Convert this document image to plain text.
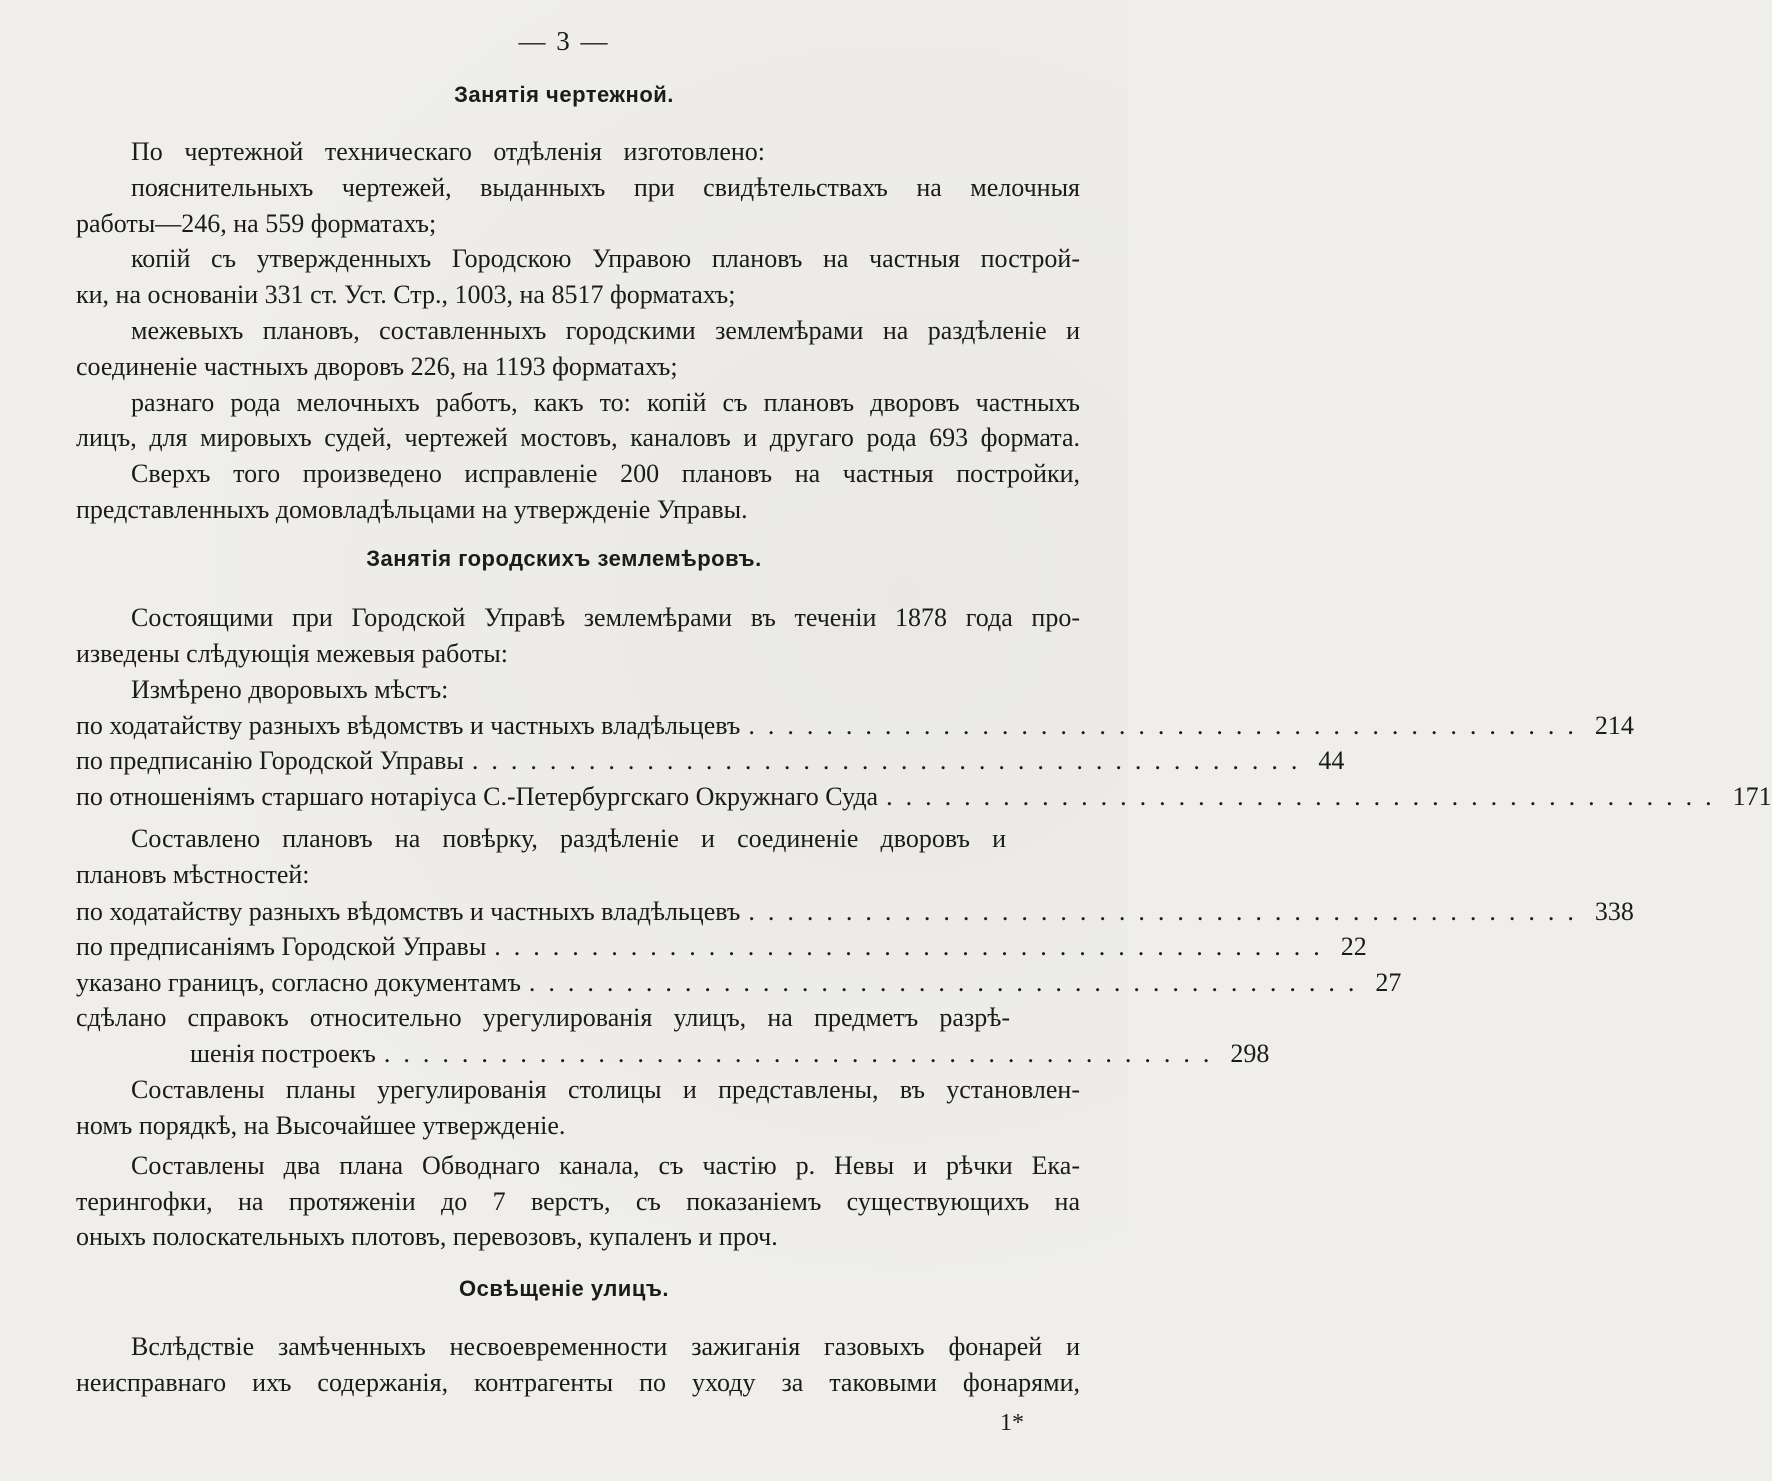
— 3 —
Занятія чертежной.
По чертежной техническаго отдѣленія изготовлено:
пояснительныхъ чертежей, выданныхъ при свидѣтельствахъ на мелочныя
работы—246, на 559 форматахъ;
копій съ утвержденныхъ Городскою Управою плановъ на частныя построй-
ки, на основаніи 331 ст. Уст. Стр., 1003, на 8517 форматахъ;
межевыхъ плановъ, составленныхъ городскими землемѣрами на раздѣленіе и
соединеніе частныхъ дворовъ 226, на 1193 форматахъ;
разнаго рода мелочныхъ работъ, какъ то: копій съ плановъ дворовъ частныхъ
лицъ, для мировыхъ судей, чертежей мостовъ, каналовъ и другаго рода 693 формата.
Сверхъ того произведено исправленіе 200 плановъ на частныя постройки,
представленныхъ домовладѣльцами на утвержденіе Управы.
Занятія городскихъ землемѣровъ.
Состоящими при Городской Управѣ землемѣрами въ теченіи 1878 года про-
изведены слѣдующія межевыя работы:
Измѣрено дворовыхъ мѣстъ:
по ходатайству разныхъ вѣдомствъ и частныхъ владѣльцевъ ........................................... 214
по предписанію Городской Управы ........................................... 44
по отношеніямъ старшаго нотаріуса С.-Петербургскаго Окружнаго Суда ........................................... 171
Составлено плановъ на повѣрку, раздѣленіе и соединеніе дворовъ и
плановъ мѣстностей:
по ходатайству разныхъ вѣдомствъ и частныхъ владѣльцевъ ........................................... 338
по предписаніямъ Городской Управы ........................................... 22
указано границъ, согласно документамъ ........................................... 27
сдѣлано справокъ относительно урегулированія улицъ, на предметъ разрѣ-
шенія построекъ ........................................... 298
Составлены планы урегулированія столицы и представлены, въ установлен-
номъ порядкѣ, на Высочайшее утвержденіе.
Составлены два плана Обводнаго канала, съ частію р. Невы и рѣчки Ека-
терингофки, на протяженіи до 7 верстъ, съ показаніемъ существующихъ на
оныхъ полоскательныхъ плотовъ, перевозовъ, купаленъ и проч.
Освѣщеніе улицъ.
Вслѣдствіе замѣченныхъ несвоевременности зажиганія газовыхъ фонарей и
неисправнаго ихъ содержанія, контрагенты по уходу за таковыми фонарями,
1*
